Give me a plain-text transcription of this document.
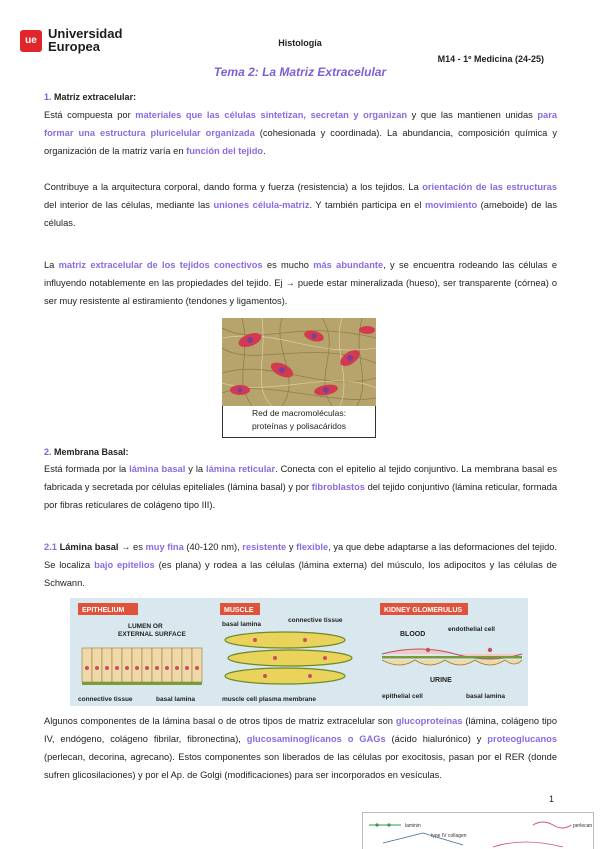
ue Universidad
Europea	Histología
M14 - 1º Medicina (24-25)
Tema 2: La Matriz Extracelular
1. Matriz extracelular:
Está compuesta por materiales que las células sintetizan, secretan y organizan y que las mantienen unidas para formar una estructura pluricelular organizada (cohesionada y coordinada). La abundancia, composición química y organización de la matriz varía en función del tejido.
Contribuye a la arquitectura corporal, dando forma y fuerza (resistencia) a los tejidos. La orientación de las estructuras del interior de las células, mediante las uniones célula-matriz. Y también participa en el movimiento (ameboide) de las células.
La matriz extracelular de los tejidos conectivos es mucho más abundante, y se encuentra rodeando las células e influyendo notablemente en las propiedades del tejido. Ej → puede estar mineralizada (hueso), ser transparente (córnea) o ser muy resistente al estiramiento (tendones y ligamentos).
Red de macromoléculas:
proteínas y polisacáridos
2. Membrana Basal:
Está formada por la lámina basal y la lámina reticular. Conecta con el epitelio al tejido conjuntivo. La membrana basal es fabricada y secretada por células epiteliales (lámina basal) y por fibroblastos del tejido conjuntivo (lámina reticular, formada por fibras reticulares de colágeno tipo III).
2.1 Lámina basal → es muy fina (40-120 nm), resistente y flexible, ya que debe adaptarse a las deformaciones del tejido. Se localiza bajo epitelios (es plana) y rodea a las células (lámina externa) del músculo, los adipocitos y las células de Schwann.
EPITHELIUM
LUMEN OR
EXTERNAL SURFACE
connective tissue	basal lamina
MUSCLE
basal lamina
connective tissue
muscle cell plasma membrane
KIDNEY GLOMERULUS
BLOOD
endothelial cell
URINE
epithelial cell	basal lamina
Algunos componentes de la lámina basal o de otros tipos de matriz extracelular son glucoproteínas (lámina, colágeno tipo IV, endógeno, colágeno fibrilar, fibronectina), glucosaminoglicanos o GAGs (ácido hialurónico) y proteoglucanos (perlecan, decorina, agrecano). Estos componentes son liberados de las células por exocitosis, pasan por el RER (donde sufren glicosilaciones) y por el Ap. de Golgi (modificaciones) para ser incorporados en vesículas.
1
laminin	perlecan
type IV collagen
